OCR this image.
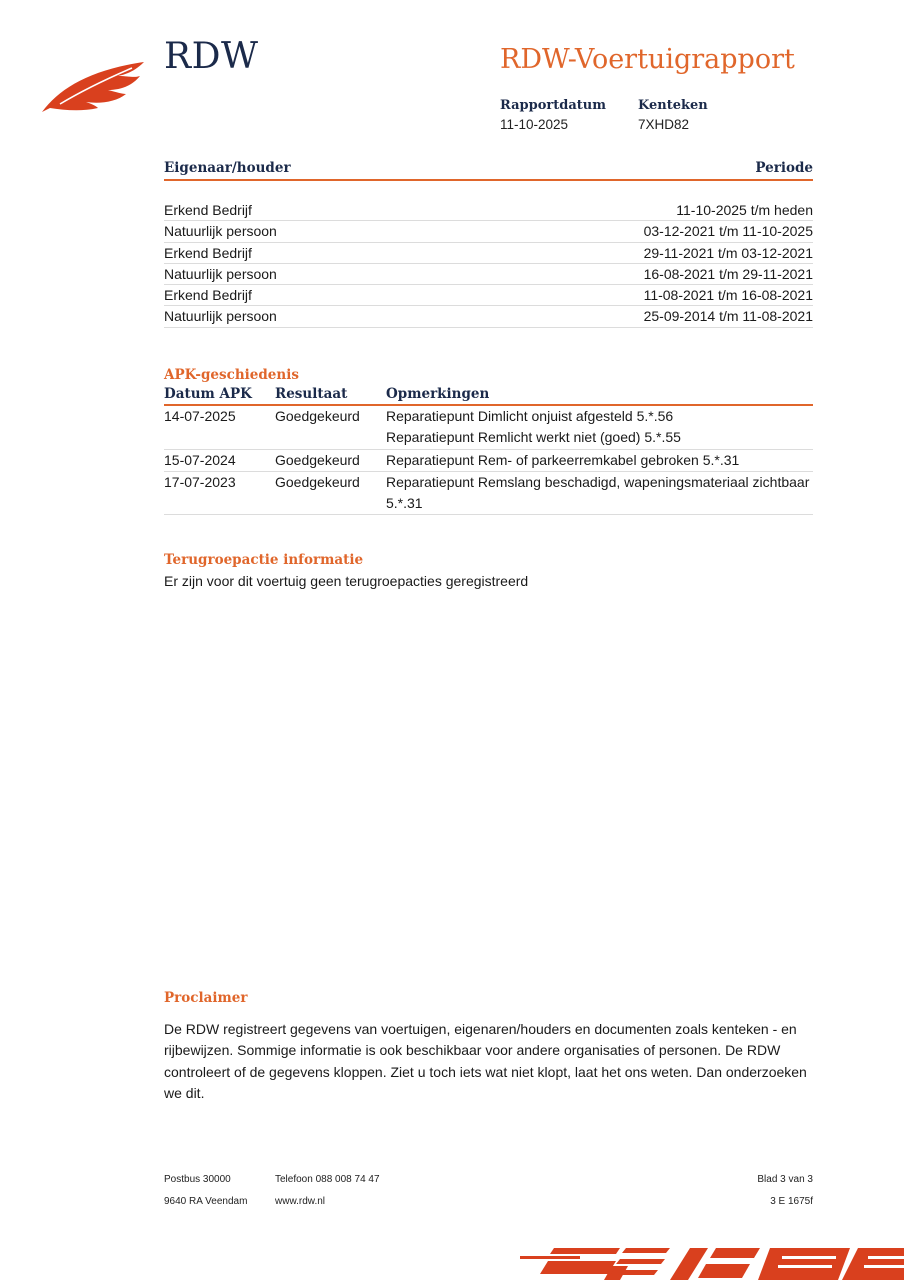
RDW	RDW-Voertuigrapport
Rapportdatum
11-10-2025
Kenteken
7XHD82
Eigenaar/houder	Periode
Erkend Bedrijf	11-10-2025 t/m heden
Natuurlijk persoon	03-12-2021 t/m 11-10-2025
Erkend Bedrijf	29-11-2021 t/m 03-12-2021
Natuurlijk persoon	16-08-2021 t/m 29-11-2021
Erkend Bedrijf	11-08-2021 t/m 16-08-2021
Natuurlijk persoon	25-09-2014 t/m 11-08-2021
APK-geschiedenis
Datum APK	Resultaat	Opmerkingen
14-07-2025	Goedgekeurd	Reparatiepunt Dimlicht onjuist afgesteld 5.*.56
Reparatiepunt Remlicht werkt niet (goed) 5.*.55

15-07-2024	Goedgekeurd	Reparatiepunt Rem- of parkeerremkabel gebroken 5.*.31

17-07-2023	Goedgekeurd	Reparatiepunt Remslang beschadigd, wapeningsmateriaal zichtbaar 5.*.31
Terugroepactie informatie
Er zijn voor dit voertuig geen terugroepacties geregistreerd
Proclaimer
De RDW registreert gegevens van voertuigen, eigenaren/houders en documenten zoals kenteken - en rijbewijzen. Sommige informatie is ook beschikbaar voor andere organisaties of personen. De RDW controleert of de gegevens kloppen. Ziet u toch iets wat niet klopt, laat het ons weten. Dan onderzoeken we dit.
Postbus 30000	Telefoon 088 008 74 47
9640 RA Veendam	www.rdw.nl
Blad 3 van 3
3 E 1675f
